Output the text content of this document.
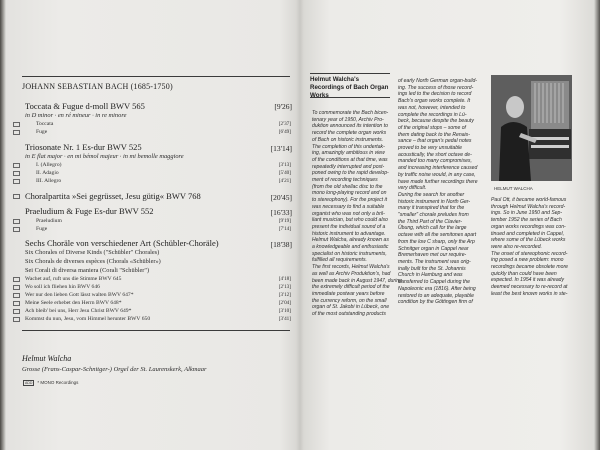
JOHANN SEBASTIAN BACH (1685-1750)
Toccata & Fugue d-moll BWV 565	[9'26]
in D minor · en ré mineur · in re minore
Toccata	[2'37]
Fuge	[6'49]
Triosonate Nr. 1 Es-dur BWV 525	[13'14]
in E flat major · en mi bémol majeur · in mi bemolle maggiore
I. (Allegro)	[3'13]
II. Adagio	[5'40]
III. Allegro	[4'21]
Choralpartita »Sei gegrüsset, Jesu gütig« BWV 768	[20'45]
Praeludium & Fuge Es-dur BWV 552	[16'33]
Praeludium	[9'19]
Fuge	[7'14]
Sechs Choräle von verschiedener Art (Schübler-Choräle)	[18'38]
Six Chorales of Diverse Kinds ("Schübler" Chorales)
Six Chorals de diverses espèces (Chorals «Schübler»)
Sei Corali di diversa maniera (Corali "Schübler")
Wachet auf, ruft uns die Stimme BWV 645	[4'18]
Wo soll ich fliehen hin BWV 646	[2'13]
Wer nur den lieben Gott lässt walten BWV 647*	[3'12]
Meine Seele erhebet den Herrn BWV 648*	[2'04]
Ach bleib' bei uns, Herr Jesu Christ BWV 649*	[3'10]
Kommst du nun, Jesu, vom Himmel herunter BWV 650	[3'41]
Helmut Walcha
Grosse (Frans-Caspar-Schnitger-) Orgel der St. Laurenskerk, Alkmaar
ADD * MONO Recordings
Helmut Walcha's Recordings of Bach Organ Works
To commemorate the Bach bicen-
tenary year of 1950, Archiv Pro-
duktion announced its intention to
record the complete organ works
of Bach on historic instruments.
The completion of this undertak-
ing, amazingly ambitious in view
of the conditions at that time, was
repeatedly interrupted and post-
poned owing to the rapid develop-
ment of recording techniques
(from the old shellac disc to the
mono long-playing record and on
to stereophony). For the project it
was necessary to find a suitable
organist who was not only a bril-
liant musician, but who could also
present the individual sound of a
historic instrument to advantage.
Helmut Walcha, already known as
a knowledgeable and enthusiastic
specialist on historic instruments,
fulfilled all requirements.
The first records, Helmut Walcha's
as well as Archiv Produktion's, had
been made back in August 1947, during
the extremely difficult period of the
immediate postwar years before
the currency reform, on the small
organ of St. Jakobi in Lübeck, one
of the most outstanding products
of early North German organ-build-
ing. The success of those record-
ings led to the decision to record
Bach's organ works complete. It
was not, however, intended to
complete the recordings in Lü-
beck, because despite the beauty
of the original stops – some of
them dating back to the Renais-
sance – that organ's pedal notes
proved to be very unsuitable
acoustically, the short octave de-
manded too many compromises,
and increasing interference caused
by traffic noise would, in any case,
have made further recordings there
very difficult.
During the search for another
historic instrument in North Ger-
many it transpired that for the
"smaller" chorale preludes from
the Third Part of the Clavier-
Übung, which call for the large
octave with all the semitones apart
from the low C sharp, only the Arp
Schnitger organ in Cappel near
Bremerhaven met our require-
ments. The instrument was orig-
inally built for the St. Johannis
Church in Hamburg and was
transferred to Cappel during the
Napoleonic era (1816). After being
restored to an adequate, playable
condition by the Göttingen firm of
HELMUT WALCHA
Paul Ott, it became world-famous
through Helmut Walcha's record-
ings. So in June 1950 and Sep-
tember 1952 the series of Bach
organ works recordings was con-
tinued and completed in Cappel,
where some of the Lübeck works
were also re-recorded.
The onset of stereophonic record-
ing posed a new problem: mono
recordings became obsolete more
quickly than could have been
expected. In 1954 it was already
deemed necessary to re-record at
least the best known works in ste-
